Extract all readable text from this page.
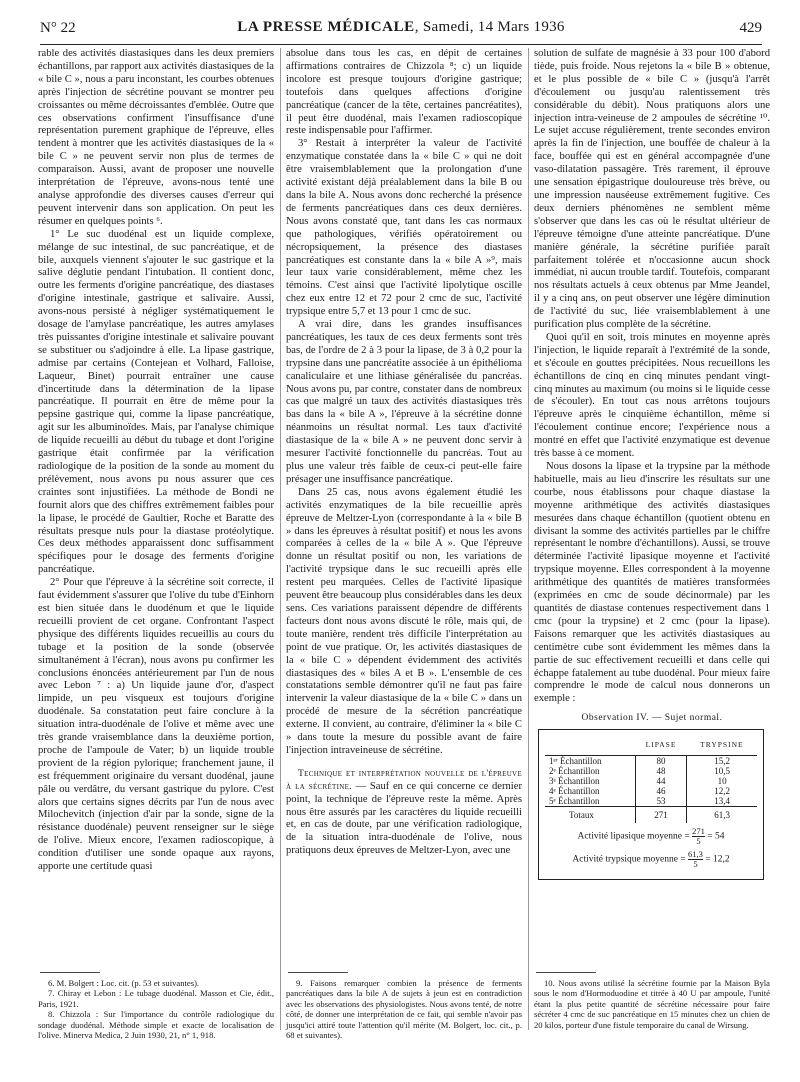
N° 22	LA PRESSE MÉDICALE, Samedi, 14 Mars 1936	429

rable des activités diastasiques dans les deux premiers échantillons, par rapport aux activités diastasiques de la « bile C », nous a paru inconstant, les courbes obtenues après l'injection de sécrétine pouvant se montrer peu croissantes ou même décroissantes d'emblée. Outre que ces observations confirment l'insuffisance d'une représentation purement graphique de l'épreuve, elles tendent à montrer que les activités diastasiques de la « bile C » ne peuvent servir non plus de termes de comparaison. Aussi, avant de proposer une nouvelle interprétation de l'épreuve, avons-nous tenté une analyse approfondie des diverses causes d'erreur qui peuvent intervenir dans son application. On peut les résumer en quelques points ⁶.

1° Le suc duodénal est un liquide complexe, mélange de suc intestinal, de suc pancréatique, et de bile, auxquels viennent s'ajouter le suc gastrique et la salive déglutie pendant l'intubation. Il contient donc, outre les ferments d'origine pancréatique, des diastases d'origine intestinale, gastrique et salivaire. Aussi, avons-nous persisté à négliger systématiquement le dosage de l'amylase pancréatique, les autres amylases très puissantes d'origine intestinale et salivaire pouvant se substituer ou s'adjoindre à elle. La lipase gastrique, admise par certains (Contejean et Volhard, Falloise, Laqueur, Binet) pourrait entraîner une cause d'incertitude dans la détermination de la lipase pancréatique. Il pourrait en être de même pour la pepsine gastrique qui, comme la lipase pancréatique, agit sur les albuminoïdes. Mais, par l'analyse chimique de liquide recueilli au début du tubage et dont l'origine gastrique était confirmée par la vérification radiologique de la position de la sonde au moment du prélèvement, nous avons pu nous assurer que ces craintes sont injustifiées. La méthode de Bondi ne fournit alors que des chiffres extrêmement faibles pour la lipase, le procédé de Gaultier, Roche et Baratte des résultats presque nuls pour la diastase protéolytique. Ces deux méthodes apparaissent donc suffisamment spécifiques pour le dosage des ferments d'origine pancréatique.

2° Pour que l'épreuve à la sécrétine soit correcte, il faut évidemment s'assurer que l'olive du tube d'Einhorn est bien située dans le duodénum et que le liquide recueilli provient de cet organe. Confrontant l'aspect physique des différents liquides recueillis au cours du tubage et la position de la sonde (observée simultanément à l'écran), nous avons pu confirmer les conclusions énoncées antérieurement par l'un de nous avec Lebon ⁷ : a) Un liquide jaune d'or, d'aspect limpide, un peu visqueux est toujours d'origine duodénale. Sa constatation peut faire conclure à la situation intra-duodénale de l'olive et même avec une très grande vraisemblance dans la deuxième portion, proche de l'ampoule de Vater; b) un liquide trouble provient de la région pylorique; franchement jaune, il est fréquemment originaire du versant duodénal, jaune pâle ou verdâtre, du versant gastrique du pylore. C'est alors que certains signes décrits par l'un de nous avec Milochevitch (injection d'air par la sonde, signe de la résistance duodénale) peuvent renseigner sur le siège de l'olive. Mieux encore, l'examen radioscopique, à condition d'utiliser une sonde opaque aux rayons, apporte une certitude quasi

absolue dans tous les cas, en dépit de certaines affirmations contraires de Chizzola ⁸; c) un liquide incolore est presque toujours d'origine gastrique; toutefois dans quelques affections d'origine pancréatique (cancer de la tête, certaines pancréatites), il peut être duodénal, mais l'examen radioscopique reste indispensable pour l'affirmer.

3° Restait à interpréter la valeur de l'activité enzymatique constatée dans la « bile C » qui ne doit être vraisemblablement que la prolongation d'une activité existant déjà préalablement dans la bile B ou dans la bile A. Nous avons donc recherché la présence de ferments pancréatiques dans ces deux dernières. Nous avons constaté que, tant dans les cas normaux que pathologiques, vérifiés opératoirement ou nécropsiquement, la présence des diastases pancréatiques est constante dans la « bile A »⁹, mais leur taux varie considérablement, même chez les témoins. C'est ainsi que l'activité lipolytique oscille chez eux entre 12 et 72 pour 2 cmc de suc, l'activité trypsique entre 5,7 et 13 pour 1 cmc de suc.

A vrai dire, dans les grandes insuffisances pancréatiques, les taux de ces deux ferments sont très bas, de l'ordre de 2 à 3 pour la lipase, de 3 à 0,2 pour la trypsine dans une pancréatite associée à un épithélioma canaliculaire et une lithiase généralisée du pancréas. Nous avons pu, par contre, constater dans de nombreux cas que malgré un taux des activités diastasiques très bas dans la « bile A », l'épreuve à la sécrétine donne néanmoins un résultat normal. Les taux d'activité diastasique de la « bile A » ne peuvent donc servir à mesurer l'activité fonctionnelle du pancréas. Tout au plus une valeur très faible de ceux-ci peut-elle faire présager une insuffisance pancréatique.

Dans 25 cas, nous avons également étudié les activités enzymatiques de la bile recueillie après épreuve de Meltzer-Lyon (correspondante à la « bile B » dans les épreuves à résultat positif) et nous les avons comparées à celles de la « bile A ». Que l'épreuve donne un résultat positif ou non, les variations de l'activité trypsique dans le suc recueilli après elle restent peu marquées. Celles de l'activité lipasique peuvent être beaucoup plus considérables dans les deux sens. Ces variations paraissent dépendre de différents facteurs dont nous avons discuté le rôle, mais qui, de toute manière, rendent très difficile l'interprétation au point de vue pratique. Or, les activités diastasiques de la « bile C » dépendent évidemment des activités diastasiques des « biles A et B ». L'ensemble de ces constatations semble démontrer qu'il ne faut pas faire intervenir la valeur diastasique de la « bile C » dans un procédé de mesure de la sécrétion pancréatique externe. Il convient, au contraire, d'éliminer la « bile C » dans toute la mesure du possible avant de faire l'injection intraveineuse de sécrétine.

Technique et interprétation nouvelle de l'épreuve à la sécrétine. — Sauf en ce qui concerne ce dernier point, la technique de l'épreuve reste la même. Après nous être assurés par les caractères du liquide recueilli et, en cas de doute, par une vérification radiologique, de la situation intra-duodénale de l'olive, nous pratiquons deux épreuves de Meltzer-Lyon, avec une

solution de sulfate de magnésie à 33 pour 100 d'abord tiède, puis froide. Nous rejetons la « bile B » obtenue, et le plus possible de « bile C » (jusqu'à l'arrêt d'écoulement ou jusqu'au ralentissement très considérable du débit). Nous pratiquons alors une injection intra-veineuse de 2 ampoules de sécrétine ¹⁰. Le sujet accuse régulièrement, trente secondes environ après la fin de l'injection, une bouffée de chaleur à la face, bouffée qui est en général accompagnée d'une vaso-dilatation passagère. Très rarement, il éprouve une sensation épigastrique douloureuse très brève, ou une impression nauséeuse extrêmement fugitive. Ces deux derniers phénomènes ne semblent même s'observer que dans les cas où le résultat ultérieur de l'épreuve témoigne d'une atteinte pancréatique. D'une manière générale, la sécrétine purifiée paraît parfaitement tolérée et n'occasionne aucun shock immédiat, ni aucun trouble tardif. Toutefois, comparant nos résultats actuels à ceux obtenus par Mme Jeandel, il y a cinq ans, on peut observer une légère diminution de l'activité du suc, liée vraisemblablement à une purification plus complète de la sécrétine.

Quoi qu'il en soit, trois minutes en moyenne après l'injection, le liquide reparaît à l'extrémité de la sonde, et s'écoule en gouttes précipitées. Nous recueillons les échantillons de cinq en cinq minutes pendant vingt-cinq minutes au maximum (ou moins si le liquide cesse de s'écouler). En tout cas nous arrêtons toujours l'épreuve après le cinquième échantillon, même si l'écoulement continue encore; l'expérience nous a montré en effet que l'activité enzymatique est devenue très basse à ce moment.

Nous dosons la lipase et la trypsine par la méthode habituelle, mais au lieu d'inscrire les résultats sur une courbe, nous établissons pour chaque diastase la moyenne arithmétique des activités diastasiques mesurées dans chaque échantillon (quotient obtenu en divisant la somme des activités partielles par le chiffre représentant le nombre d'échantillons). Aussi, se trouve déterminée l'activité lipasique moyenne et l'activité trypsique moyenne. Elles correspondent à la moyenne arithmétique des quantités de matières transformées (exprimées en cmc de soude décinormale) par les quantités de diastase contenues respectivement dans 1 cmc (pour la trypsine) et 2 cmc (pour la lipase). Faisons remarquer que les activités diastasiques au centimètre cube sont évidemment les mêmes dans la partie de suc effectivement recueilli et dans celle qui échappe fatalement au tube duodénal. Pour mieux faire comprendre le mode de calcul nous donnerons un exemple :

Observation IV. — Sujet normal.
	LIPASE	TRYPSINE
1ᵉʳ Échantillon	80	15,2
2ᵉ Échantillon	48	10,5
3ᵉ Échantillon	44	10
4ᵉ Échantillon	46	12,2
5ᵉ Échantillon	53	13,4
Totaux	271	61,3
Activité lipasique moyenne = $\frac{271}{5} = 54$
Activité trypsique moyenne = $\frac{61,3}{5} = 12,2$

6. M. Bolgert : Loc. cit. (p. 53 et suivantes).

7. Chiray et Lebon : Le tubage duodénal. Masson et Cie, édit., Paris, 1921.

8. Chizzola : Sur l'importance du contrôle radiologique du sondage duodénal. Méthode simple et exacte de localisation de l'olive. Minerva Medica, 2 Juin 1930, 21, n° 1, 918.

9. Faisons remarquer combien la présence de ferments pancréatiques dans la bile A de sujets à jeun est en contradiction avec les observations des physiologistes. Nous avons tenté, de notre côté, de donner une interprétation de ce fait, qui semble n'avoir pas jusqu'ici attiré toute l'attention qu'il mérite (M. Bolgert, loc. cit., p. 68 et suivantes).

10. Nous avons utilisé la sécrétine fournie par la Maison Byla sous le nom d'Hormoduodine et titrée à 40 U par ampoule, l'unité étant la plus petite quantité de sécrétine nécessaire pour faire sécréter 4 cmc de suc pancréatique en 15 minutes chez un chien de 20 kilos, porteur d'une fistule temporaire du canal de Wirsung.
